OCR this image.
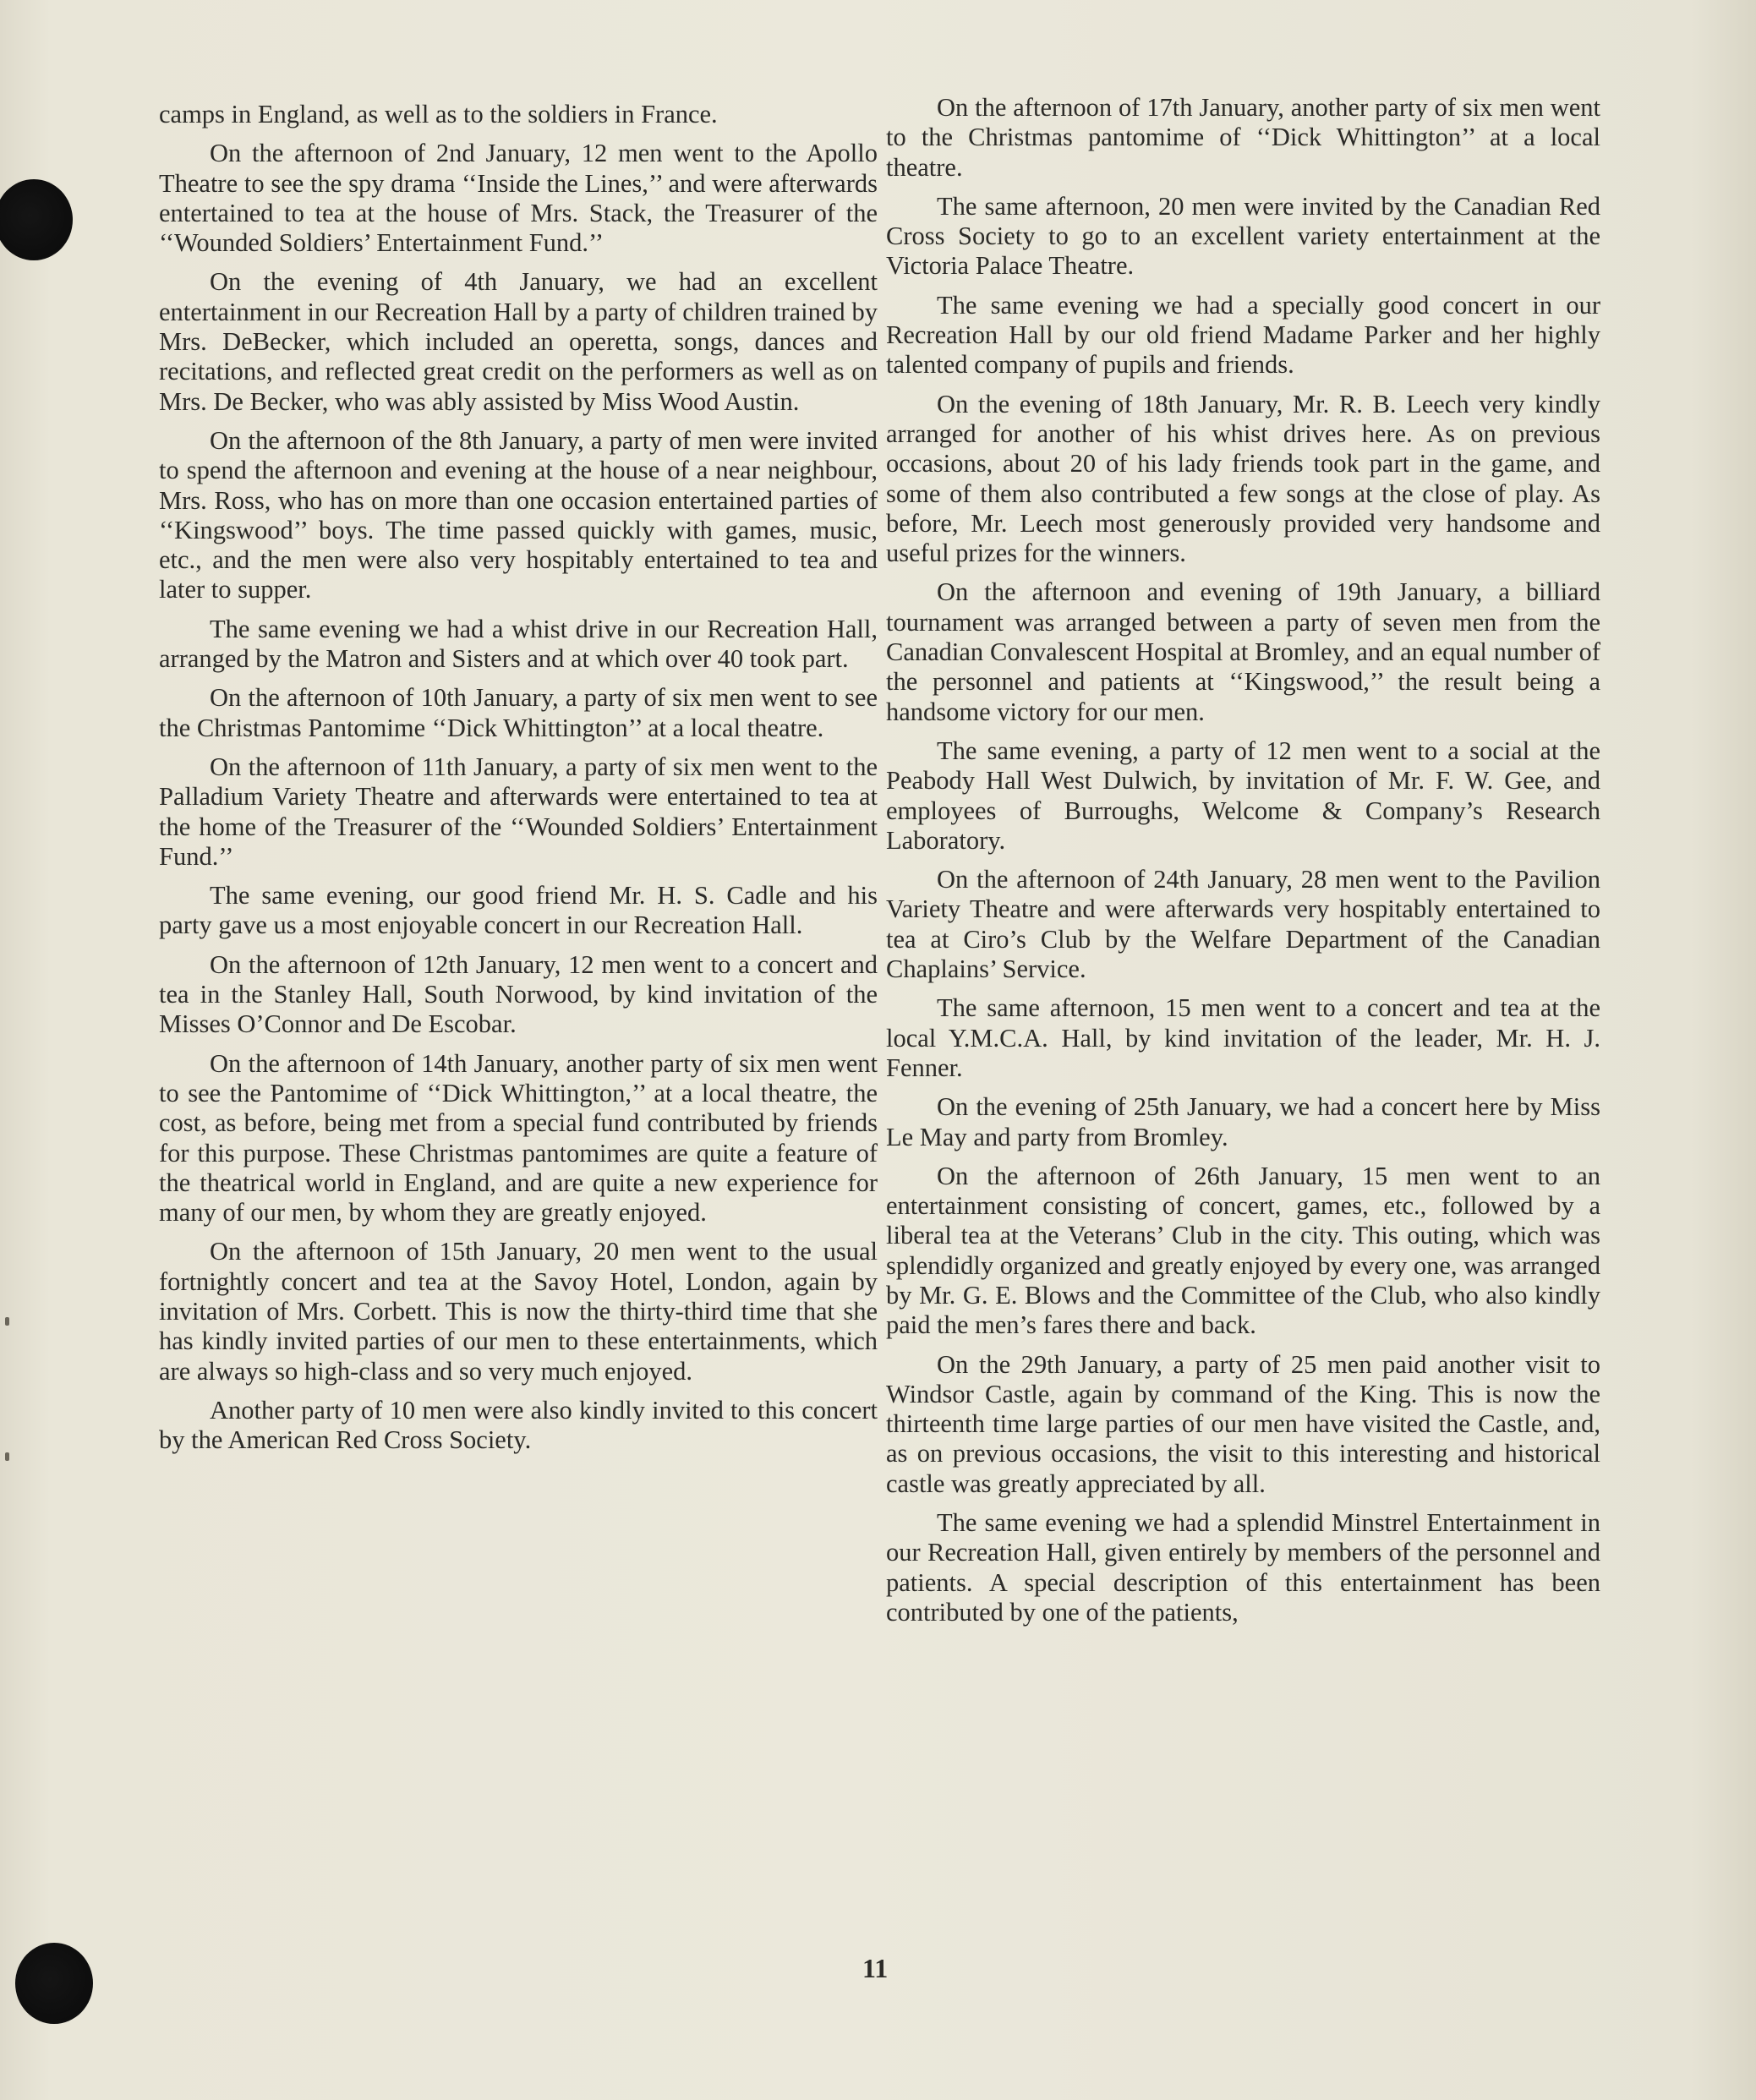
camps in England, as well as to the soldiers in France.

On the afternoon of 2nd January, 12 men went to the Apollo Theatre to see the spy drama ‘‘Inside the Lines,’’ and were afterwards entertained to tea at the house of Mrs. Stack, the Treasurer of the ‘‘Wounded Soldiers’ Entertainment Fund.’’

On the evening of 4th January, we had an excellent entertainment in our Recreation Hall by a party of children trained by Mrs. DeBecker, which included an operetta, songs, dances and recitations, and reflected great credit on the performers as well as on Mrs. De Becker, who was ably assisted by Miss Wood Austin.

On the afternoon of the 8th January, a party of men were invited to spend the afternoon and evening at the house of a near neighbour, Mrs. Ross, who has on more than one occasion entertained parties of ‘‘Kingswood’’ boys. The time passed quickly with games, music, etc., and the men were also very hospitably entertained to tea and later to supper.

The same evening we had a whist drive in our Recreation Hall, arranged by the Matron and Sisters and at which over 40 took part.

On the afternoon of 10th January, a party of six men went to see the Christmas Pantomime ‘‘Dick Whittington’’ at a local theatre.

On the afternoon of 11th January, a party of six men went to the Palladium Variety Theatre and afterwards were entertained to tea at the home of the Treasurer of the ‘‘Wounded Soldiers’ Entertainment Fund.’’

The same evening, our good friend Mr. H. S. Cadle and his party gave us a most enjoyable concert in our Recreation Hall.

On the afternoon of 12th January, 12 men went to a concert and tea in the Stanley Hall, South Norwood, by kind invitation of the Misses O’Connor and De Escobar.

On the afternoon of 14th January, another party of six men went to see the Pantomime of ‘‘Dick Whittington,’’ at a local theatre, the cost, as before, being met from a special fund contributed by friends for this purpose. These Christmas pantomimes are quite a feature of the theatrical world in England, and are quite a new experience for many of our men, by whom they are greatly enjoyed.

On the afternoon of 15th January, 20 men went to the usual fortnightly concert and tea at the Savoy Hotel, London, again by invitation of Mrs. Corbett. This is now the thirty-third time that she has kindly invited parties of our men to these entertainments, which are always so high-class and so very much enjoyed.

Another party of 10 men were also kindly invited to this concert by the American Red Cross Society.

On the afternoon of 17th January, another party of six men went to the Christmas pantomime of ‘‘Dick Whittington’’ at a local theatre.

The same afternoon, 20 men were invited by the Canadian Red Cross Society to go to an excellent variety entertainment at the Victoria Palace Theatre.

The same evening we had a specially good concert in our Recreation Hall by our old friend Madame Parker and her highly talented company of pupils and friends.

On the evening of 18th January, Mr. R. B. Leech very kindly arranged for another of his whist drives here. As on previous occasions, about 20 of his lady friends took part in the game, and some of them also contributed a few songs at the close of play. As before, Mr. Leech most generously provided very handsome and useful prizes for the winners.

On the afternoon and evening of 19th January, a billiard tournament was arranged between a party of seven men from the Canadian Convalescent Hospital at Bromley, and an equal number of the personnel and patients at ‘‘Kingswood,’’ the result being a handsome victory for our men.

The same evening, a party of 12 men went to a social at the Peabody Hall West Dulwich, by invitation of Mr. F. W. Gee, and employees of Burroughs, Welcome & Company’s Research Laboratory.

On the afternoon of 24th January, 28 men went to the Pavilion Variety Theatre and were afterwards very hospitably entertained to tea at Ciro’s Club by the Welfare Department of the Canadian Chaplains’ Service.

The same afternoon, 15 men went to a concert and tea at the local Y.M.C.A. Hall, by kind invitation of the leader, Mr. H. J. Fenner.

On the evening of 25th January, we had a concert here by Miss Le May and party from Bromley.

On the afternoon of 26th January, 15 men went to an entertainment consisting of concert, games, etc., followed by a liberal tea at the Veterans’ Club in the city. This outing, which was splendidly organized and greatly enjoyed by every one, was arranged by Mr. G. E. Blows and the Committee of the Club, who also kindly paid the men’s fares there and back.

On the 29th January, a party of 25 men paid another visit to Windsor Castle, again by command of the King. This is now the thirteenth time large parties of our men have visited the Castle, and, as on previous occasions, the visit to this interesting and historical castle was greatly appreciated by all.

The same evening we had a splendid Minstrel Entertainment in our Recreation Hall, given entirely by members of the personnel and patients. A special description of this entertainment has been contributed by one of the patients,

11
